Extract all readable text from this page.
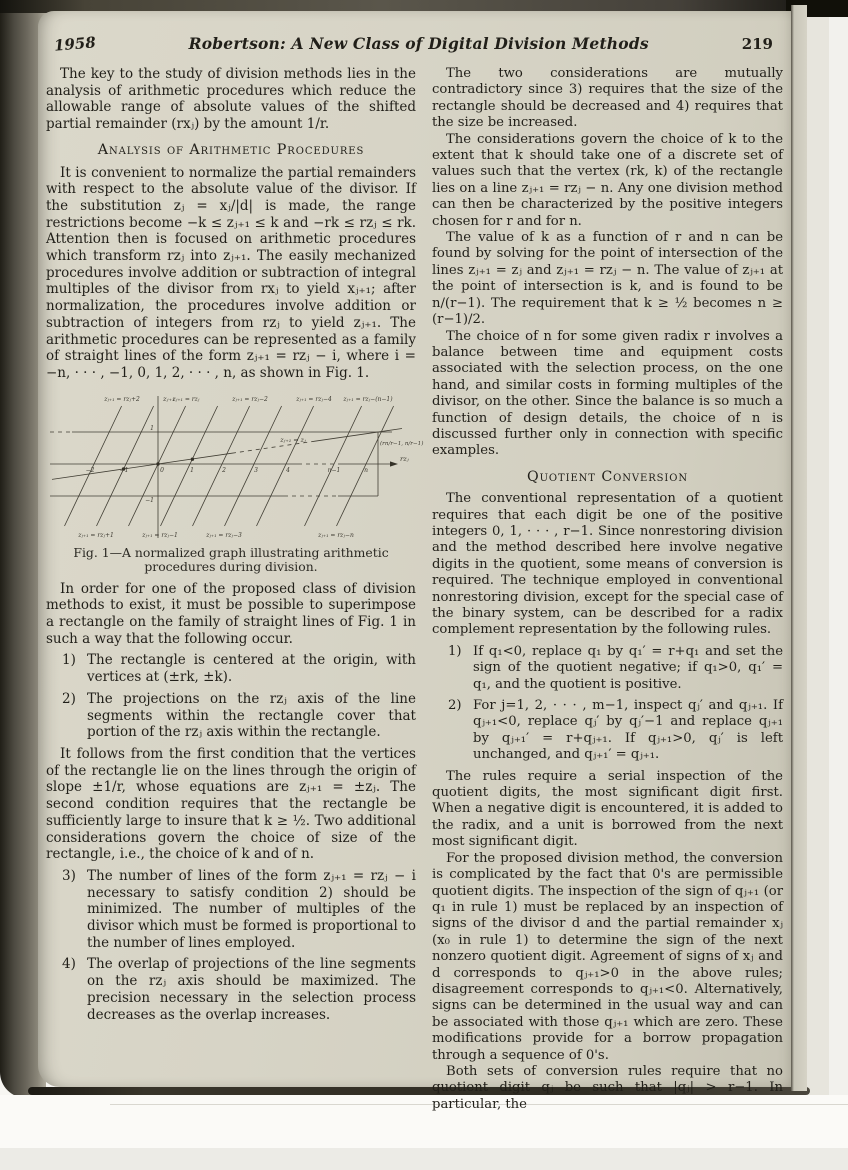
1958	Robertson: A New Class of Digital Division Methods	219

The key to the study of division methods lies in the analysis of arithmetic procedures which reduce the allowable range of absolute values of the shifted partial remainder (rxⱼ) by the amount 1/r.

Analysis of Arithmetic Procedures

It is convenient to normalize the partial remainders with respect to the absolute value of the divisor. If the substitution zⱼ = xⱼ/|d| is made, the range restrictions become −k ≤ zⱼ₊₁ ≤ k and −rk ≤ rzⱼ ≤ rk. Attention then is focused on arithmetic procedures which transform rzⱼ into zⱼ₊₁. The easily mechanized procedures involve addition or subtraction of integral multiples of the divisor from rxⱼ to yield xⱼ₊₁; after normalization, the procedures involve addition or subtraction of integers from rzⱼ to yield zⱼ₊₁. The arithmetic procedures can be represented as a family of straight lines of the form zⱼ₊₁ = rzⱼ − i, where i = −n, · · · , −1, 0, 1, 2, · · · , n, as shown in Fig. 1.

zⱼ₊₁
rzⱼ
zⱼ₊₁ = rzⱼ+2	zⱼ₊₁ = rzⱼ	zⱼ₊₁ = rzⱼ−2	zⱼ₊₁ = rzⱼ−4 zⱼ₊₁ = rzⱼ−(n−1)
zⱼ₊₁ = rzⱼ+1	zⱼ₊₁ = rzⱼ−1	zⱼ₊₁ = rzⱼ−3	zⱼ₊₁ = rzⱼ−n
zⱼ₊₁ = zⱼ	(rn/r−1, n/r−1)
−2	−1	0	1	2	3	4	n−1	n
1
−1
Fig. 1—A normalized graph illustrating arithmetic
procedures during division.

In order for one of the proposed class of division methods to exist, it must be possible to superimpose a rectangle on the family of straight lines of Fig. 1 in such a way that the following occur.

1) The rectangle is centered at the origin, with vertices at (±rk, ±k).
2) The projections on the rzⱼ axis of the line segments within the rectangle cover that portion of the rzⱼ axis within the rectangle.

It follows from the first condition that the vertices of the rectangle lie on the lines through the origin of slope ±1/r, whose equations are zⱼ₊₁ = ±zⱼ. The second condition requires that the rectangle be sufficiently large to insure that k ≥ ½. Two additional considerations govern the choice of size of the rectangle, i.e., the choice of k and of n.

3) The number of lines of the form zⱼ₊₁ = rzⱼ − i necessary to satisfy condition 2) should be minimized. The number of multiples of the divisor which must be formed is proportional to the number of lines employed.
4) The overlap of projections of the line segments on the rzⱼ axis should be maximized. The precision necessary in the selection process decreases as the overlap increases.

The two considerations are mutually contradictory since 3) requires that the size of the rectangle should be decreased and 4) requires that the size be increased.

The considerations govern the choice of k to the extent that k should take one of a discrete set of values such that the vertex (rk, k) of the rectangle lies on a line zⱼ₊₁ = rzⱼ − n. Any one division method can then be characterized by the positive integers chosen for r and for n.

The value of k as a function of r and n can be found by solving for the point of intersection of the lines zⱼ₊₁ = zⱼ and zⱼ₊₁ = rzⱼ − n. The value of zⱼ₊₁ at the point of intersection is k, and is found to be n/(r−1). The requirement that k ≥ ½ becomes n ≥ (r−1)/2.

The choice of n for some given radix r involves a balance between time and equipment costs associated with the selection process, on the one hand, and similar costs in forming multiples of the divisor, on the other. Since the balance is so much a function of design details, the choice of n is discussed further only in connection with specific examples.

Quotient Conversion

The conventional representation of a quotient requires that each digit be one of the positive integers 0, 1, · · · , r−1. Since nonrestoring division and the method described here involve negative digits in the quotient, some means of conversion is required. The technique employed in conventional nonrestoring division, except for the special case of the binary system, can be described for a radix complement representation by the following rules.

1) If q₁<0, replace q₁ by q₁′ = r+q₁ and set the sign of the quotient negative; if q₁>0, q₁′ = q₁, and the quotient is positive.
2) For j=1, 2, · · · , m−1, inspect qⱼ′ and qⱼ₊₁. If qⱼ₊₁<0, replace qⱼ′ by qⱼ′−1 and replace qⱼ₊₁ by qⱼ₊₁′ = r+qⱼ₊₁. If qⱼ₊₁>0, qⱼ′ is left unchanged, and qⱼ₊₁′ = qⱼ₊₁.

The rules require a serial inspection of the quotient digits, the most significant digit first. When a negative digit is encountered, it is added to the radix, and a unit is borrowed from the next most significant digit.

For the proposed division method, the conversion is complicated by the fact that 0's are permissible quotient digits. The inspection of the sign of qⱼ₊₁ (or q₁ in rule 1) must be replaced by an inspection of signs of the divisor d and the partial remainder xⱼ (x₀ in rule 1) to determine the sign of the next nonzero quotient digit. Agreement of signs of xⱼ and d corresponds to qⱼ₊₁>0 in the above rules; disagreement corresponds to qⱼ₊₁<0. Alternatively, signs can be determined in the usual way and can be associated with those qⱼ₊₁ which are zero. These modifications provide for a borrow propagation through a sequence of 0's.

Both sets of conversion rules require that no quotient digit qⱼ be such that |qⱼ| > r−1. In particular, the
